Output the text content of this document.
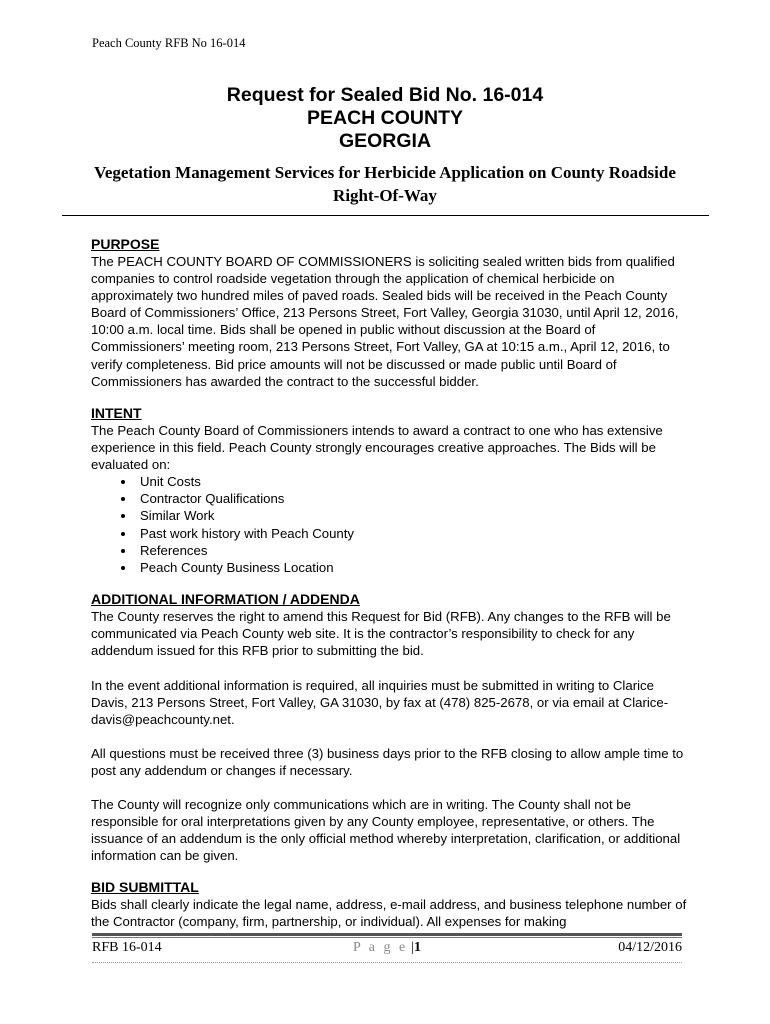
Peach County RFB No 16-014
Request for Sealed Bid No. 16-014
PEACH COUNTY
GEORGIA
Vegetation Management Services for Herbicide Application on County Roadside
Right-Of-Way
PURPOSE

The PEACH COUNTY BOARD OF COMMISSIONERS is soliciting sealed written bids from qualified companies to control roadside vegetation through the application of chemical herbicide on approximately two hundred miles of paved roads. Sealed bids will be received in the Peach County Board of Commissioners’ Office, 213 Persons Street, Fort Valley, Georgia 31030, until April 12, 2016, 10:00 a.m. local time. Bids shall be opened in public without discussion at the Board of Commissioners’ meeting room, 213 Persons Street, Fort Valley, GA at 10:15 a.m., April 12, 2016, to verify completeness. Bid price amounts will not be discussed or made public until Board of Commissioners has awarded the contract to the successful bidder.

INTENT

The Peach County Board of Commissioners intends to award a contract to one who has extensive experience in this field. Peach County strongly encourages creative approaches. The Bids will be evaluated on:

• Unit Costs
• Contractor Qualifications
• Similar Work
• Past work history with Peach County
• References
• Peach County Business Location
ADDITIONAL INFORMATION / ADDENDA

The County reserves the right to amend this Request for Bid (RFB). Any changes to the RFB will be communicated via Peach County web site. It is the contractor’s responsibility to check for any addendum issued for this RFB prior to submitting the bid.

In the event additional information is required, all inquiries must be submitted in writing to Clarice Davis, 213 Persons Street, Fort Valley, GA 31030, by fax at (478) 825-2678, or via email at Clarice-davis@peachcounty.net.

All questions must be received three (3) business days prior to the RFB closing to allow ample time to post any addendum or changes if necessary.

The County will recognize only communications which are in writing. The County shall not be responsible for oral interpretations given by any County employee, representative, or others. The issuance of an addendum is the only official method whereby interpretation, clarification, or additional information can be given.

BID SUBMITTAL

Bids shall clearly indicate the legal name, address, e-mail address, and business telephone number of the Contractor (company, firm, partnership, or individual). All expenses for making

RFB 16-014	P a g e |1	04/12/2016
